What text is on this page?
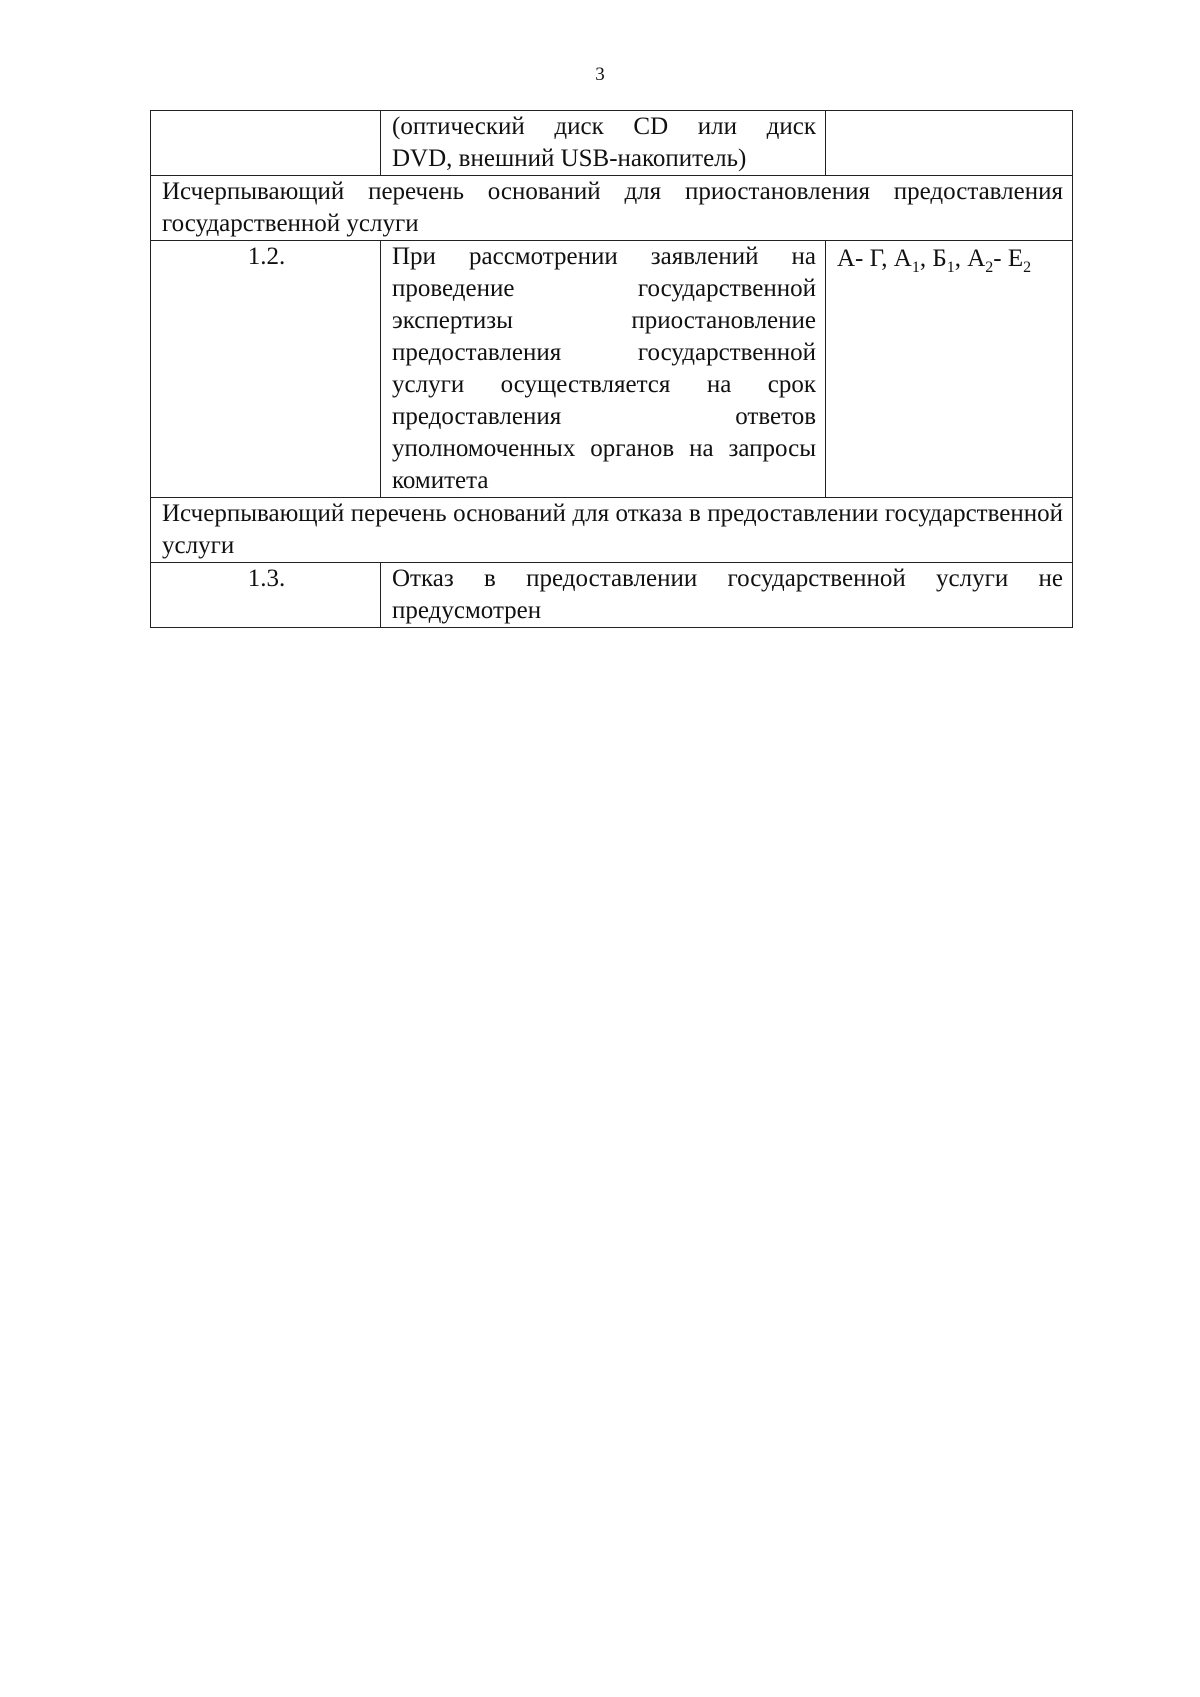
3

	(оптический диск CD или диск
DVD, внешний USB-накопитель)	

Исчерпывающий перечень оснований для приостановления предоставления государственной услуги		
1.2.	При рассмотрении заявлений на проведение государственной экспертизы приостановление предоставления государственной услуги осуществляется на срок предоставления ответов уполномоченных органов на запросы комитета	А- Г, $А_1$, $Б_1$, $А_2-$ $Е_2$
Исчерпывающий перечень оснований для отказа в предоставлении государственной услуги		
1.3.	Отказ в предоставлении государственной услуги не предусмотрен	
